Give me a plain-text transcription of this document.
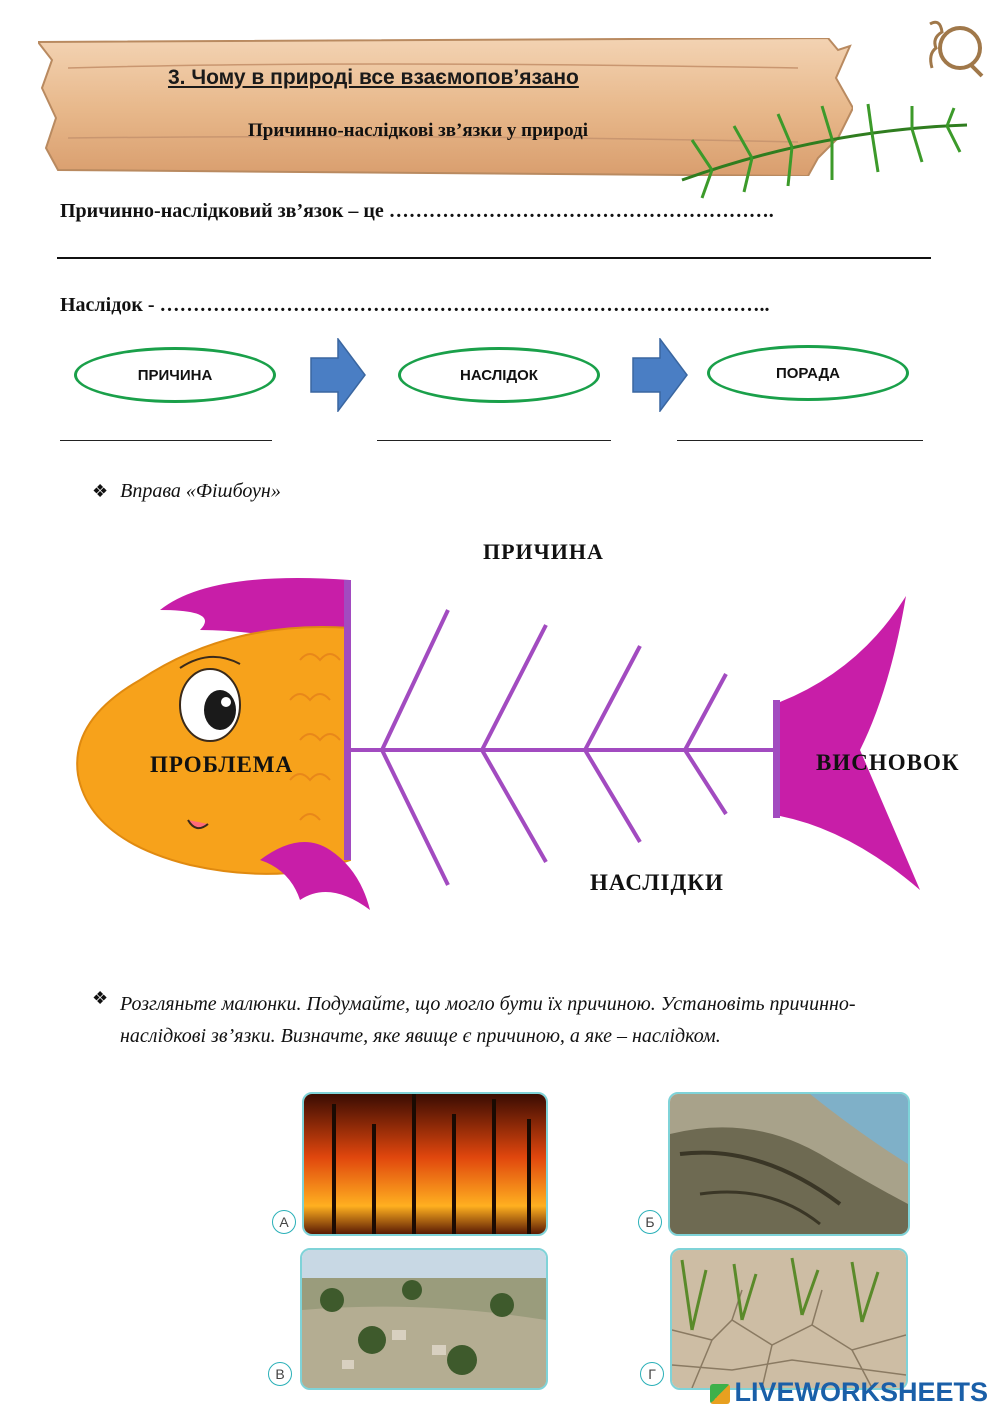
3. Чому в природі все взаємопов’язано
Причинно-наслідкові зв’язки у природі
Причинно-наслідковий зв’язок – це ………………………………………………….
Наслідок - ………………………………………………………………………………..
ПРИЧИНА	НАСЛІДОК	ПОРАДА
❖ Вправа «Фішбоун»
ПРИЧИНА
ПРОБЛЕМА	ВИСНОВОК
НАСЛІДКИ
❖ Розгляньте малюнки. Подумайте, що могло бути їх причиною. Установіть причинно-наслідкові зв’язки. Визначте, яке явище є причиною, а яке – наслідком.
А	Б
В	Г
LIVEWORKSHEETS
